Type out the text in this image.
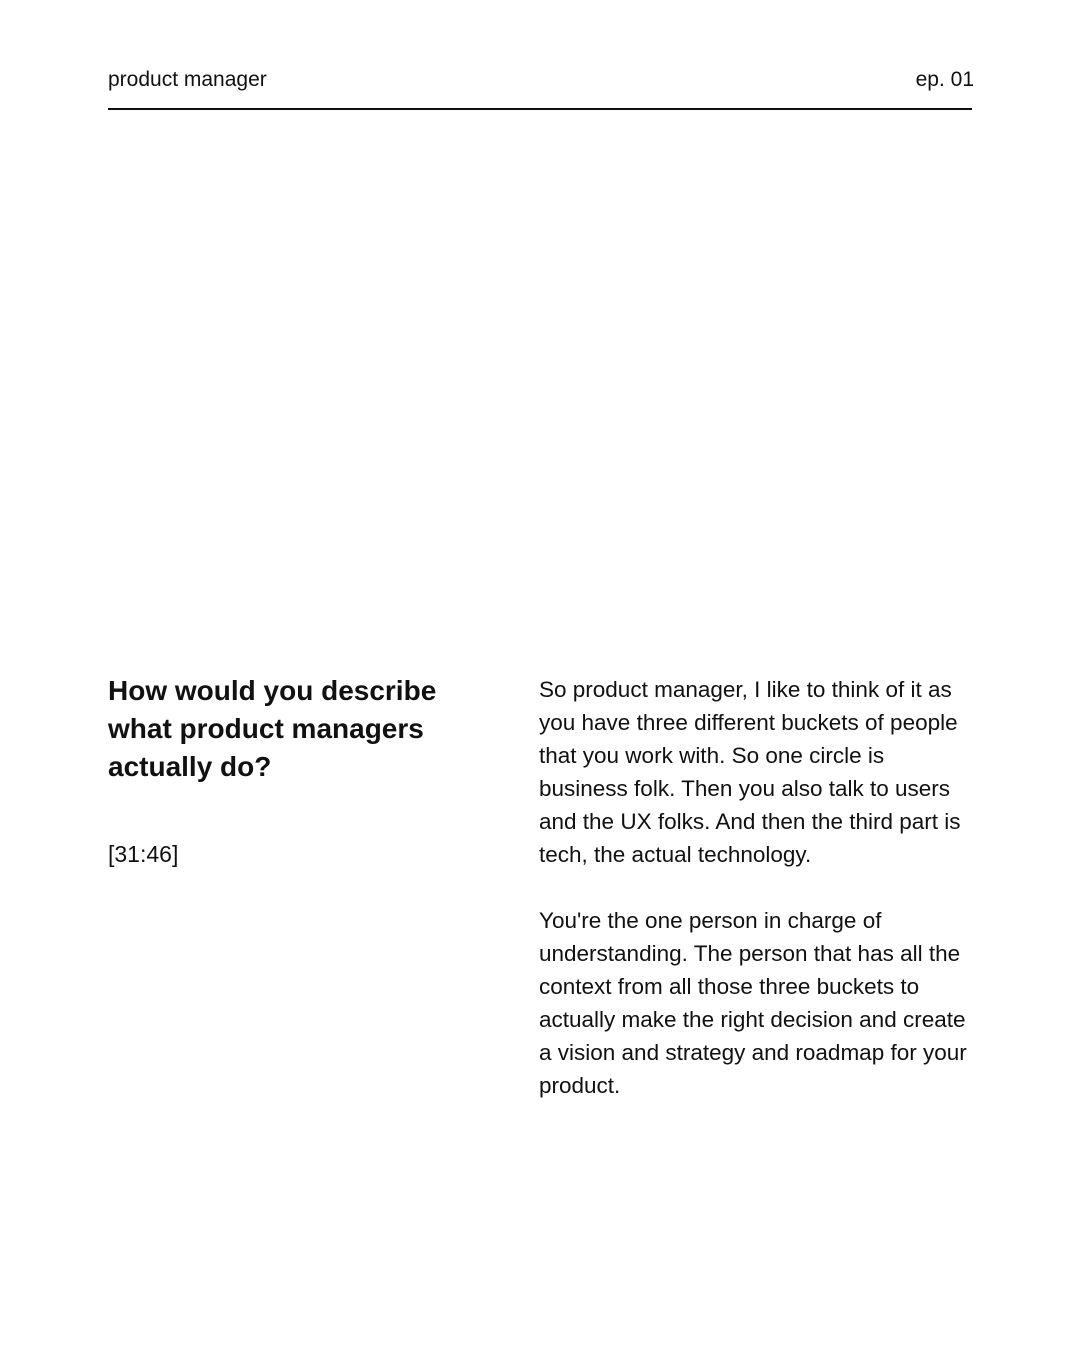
product manager	ep. 01
How would you describe what product managers actually do?
[31:46]

So product manager, I like to think of it as you have three different buckets of people that you work with. So one circle is business folk. Then you also talk to users and the UX folks. And then the third part is tech, the actual technology.

You're the one person in charge of understanding. The person that has all the context from all those three buckets to actually make the right decision and create a vision and strategy and roadmap for your product.
